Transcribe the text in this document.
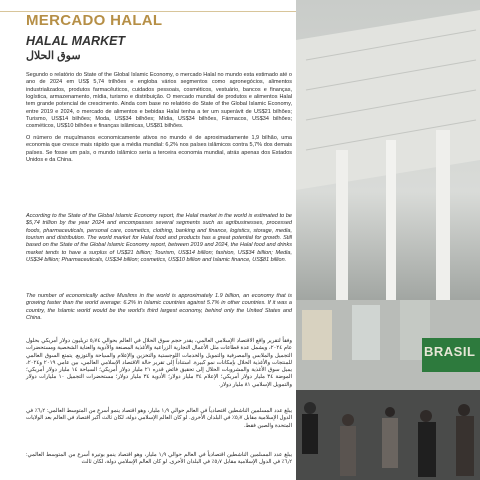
MERCADO HALAL
HALAL MARKET
سوق الحلال
Segundo o relatório do State of the Global Islamic Economy, o mercado Halal no mundo esta estimado até o ano de 2024 em US$ 5,74 trilhões e engloba vários segmentos como agronegócios, alimentos industrializados, produtos farmacêuticos, cuidados pessoais, cosméticos, vestuário, bancos e finanças, logística, armazenamento, mídia, turismo e distribuição. O mercado mundial de produtos e alimentos Halal tem grande potencial de crescimento. Ainda com base no relatório do State of the Global Islamic Economy, entre 2019 e 2024, o mercado de alimentos e bebidas Halal tenha a ter um superávit de US$21 bilhões; Turismo, US$14 bilhões; Moda, US$34 bilhões; Mídia, US$34 bilhões, Fármacos, US$34 bilhões; cosméticos, US$10 bilhões e finanças islâmicas, US$81 bilhões.
O número de muçulmanos economicamente ativos no mundo é de aproximadamente 1,9 bilhão, uma economia que cresce mais rápido que a média mundial: 6,2% nos países islâmicos contra 5,7% dos demais países. Se fosse um país, o mundo islâmico seria a terceira economia mundial, atrás apenas dos Estados Unidos e da China.
According to the State of the Global Islamic Economy report, the Halal market in the world is estimated to be $5,74 trillion by the year 2024 and encompasses several segments such as agribusinesses, processed foods, pharmaceuticals, personal care, cosmetics, clothing, banking and finance, logistics, storage, media, tourism and distribution. The world market for Halal food and products has a great potential for growth. Still based on the State of the Global Islamic Economy report, between 2019 and 2024, the Halal food and drinks market tends to have a surplus of US$21 billion; Tourism, US$14 billion; fashion, US$34 billion; Media, US$34 billion; Pharmaceuticals, US$34 billion; cosmetics, US$10 billion and Islamic finance, US$81 billion.
The number of economically active Muslims in the world is approximately 1.9 billion, an economy that is growing faster than the world average: 6.2% in Islamic countries against 5.7% in other countries. If it was a country, the Islamic world would be the world's third largest economy, behind only the United States and China.
وفقاً لتقرير واقع الاقتصاد الإسلامي العالمي، يقدر حجم سوق الحلال في العالم بحوالي ٥٫٧٤ تريليون دولار أمريكي بحلول عام ٢٠٢٤، ويشمل عدة قطاعات مثل الأعمال التجارية الزراعية والأغذية المصنعة والأدوية والعناية الشخصية ومستحضرات التجميل والملابس والمصرفية والتمويل والخدمات اللوجستية والتخزين والإعلام والسياحة والتوزيع. يتمتع السوق العالمي للمنتجات والأغذية الحلال بإمكانات نمو كبيرة. استناداً إلى تقرير حالة الاقتصاد الإسلامي العالمي، بين عامي ٢٠١٩ و٢٠٢٤، يميل سوق الأغذية والمشروبات الحلال إلى تحقيق فائض قدره ٢١ مليار دولار أمريكي؛ السياحة ١٤ مليار دولار أمريكي؛ الموضة ٣٤ مليار دولار أمريكي؛ الإعلام ٣٤ مليار دولار؛ الأدوية ٣٤ مليار دولار؛ مستحضرات التجميل ١٠ مليارات دولار والتمويل الإسلامي ٨١ مليار دولار.
يبلغ عدد المسلمين الناشطين اقتصادياً في العالم حوالي ١٫٩ مليار، وهو اقتصاد ينمو أسرع من المتوسط العالمي: ٦٫٢٪ في الدول الإسلامية مقابل ٥٫٧٪ في البلدان الأخرى. لو كان العالم الإسلامي دولة، لكان ثالث أكبر اقتصاد في العالم بعد الولايات المتحدة والصين فقط.
يبلغ عدد المسلمين الناشطين اقتصادياً في العالم حوالي ١٫٩ مليار، وهو اقتصاد ينمو بوتيرة أسرع من المتوسط العالمي: ٦٫٢٪ في الدول الإسلامية مقابل ٥٫٧٪ في البلدان الأخرى. لو كان العالم الإسلامي دولة، لكان ثالث
BRASIL
